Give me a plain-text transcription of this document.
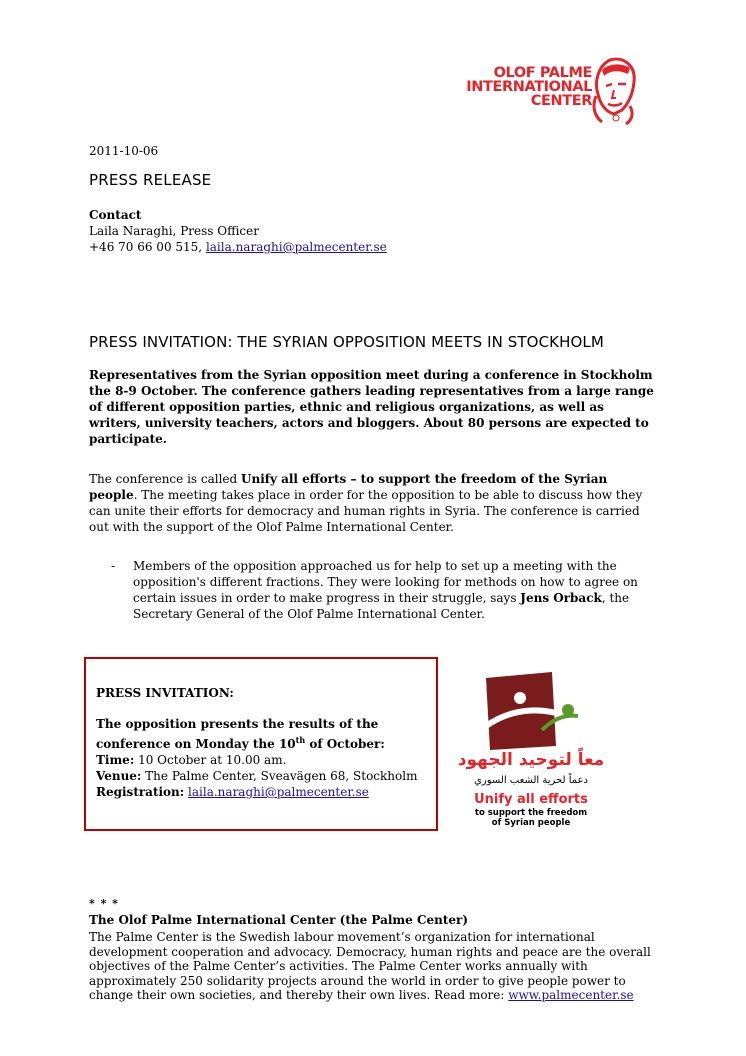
OLOF PALME
INTERNATIONAL
CENTER
2011-10-06
PRESS RELEASE
Contact
Laila Naraghi, Press Officer
+46 70 66 00 515, laila.naraghi@palmecenter.se
PRESS INVITATION: THE SYRIAN OPPOSITION MEETS IN STOCKHOLM
Representatives from the Syrian opposition meet during a conference in Stockholm the 8-9 October. The conference gathers leading representatives from a large range of different opposition parties, ethnic and religious organizations, as well as writers, university teachers, actors and bloggers. About 80 persons are expected to participate.
The conference is called Unify all efforts – to support the freedom of the Syrian people. The meeting takes place in order for the opposition to be able to discuss how they can unite their efforts for democracy and human rights in Syria. The conference is carried out with the support of the Olof Palme International Center.
- Members of the opposition approached us for help to set up a meeting with the opposition's different fractions. They were looking for methods on how to agree on certain issues in order to make progress in their struggle, says Jens Orback, the Secretary General of the Olof Palme International Center.
PRESS INVITATION:
The opposition presents the results of the conference on Monday the 10th of October:
Time: 10 October at 10.00 am.
Venue: The Palme Center, Sveavägen 68, Stockholm
Registration: laila.naraghi@palmecenter.se
معاً لتوحيد الجهود
دعماً لحرية الشعب السوري
Unify all efforts
to support the freedom
of Syrian people
* * *
The Olof Palme International Center (the Palme Center)
The Palme Center is the Swedish labour movement’s organization for international development cooperation and advocacy. Democracy, human rights and peace are the overall objectives of the Palme Center’s activities. The Palme Center works annually with approximately 250 solidarity projects around the world in order to give people power to change their own societies, and thereby their own lives. Read more: www.palmecenter.se
